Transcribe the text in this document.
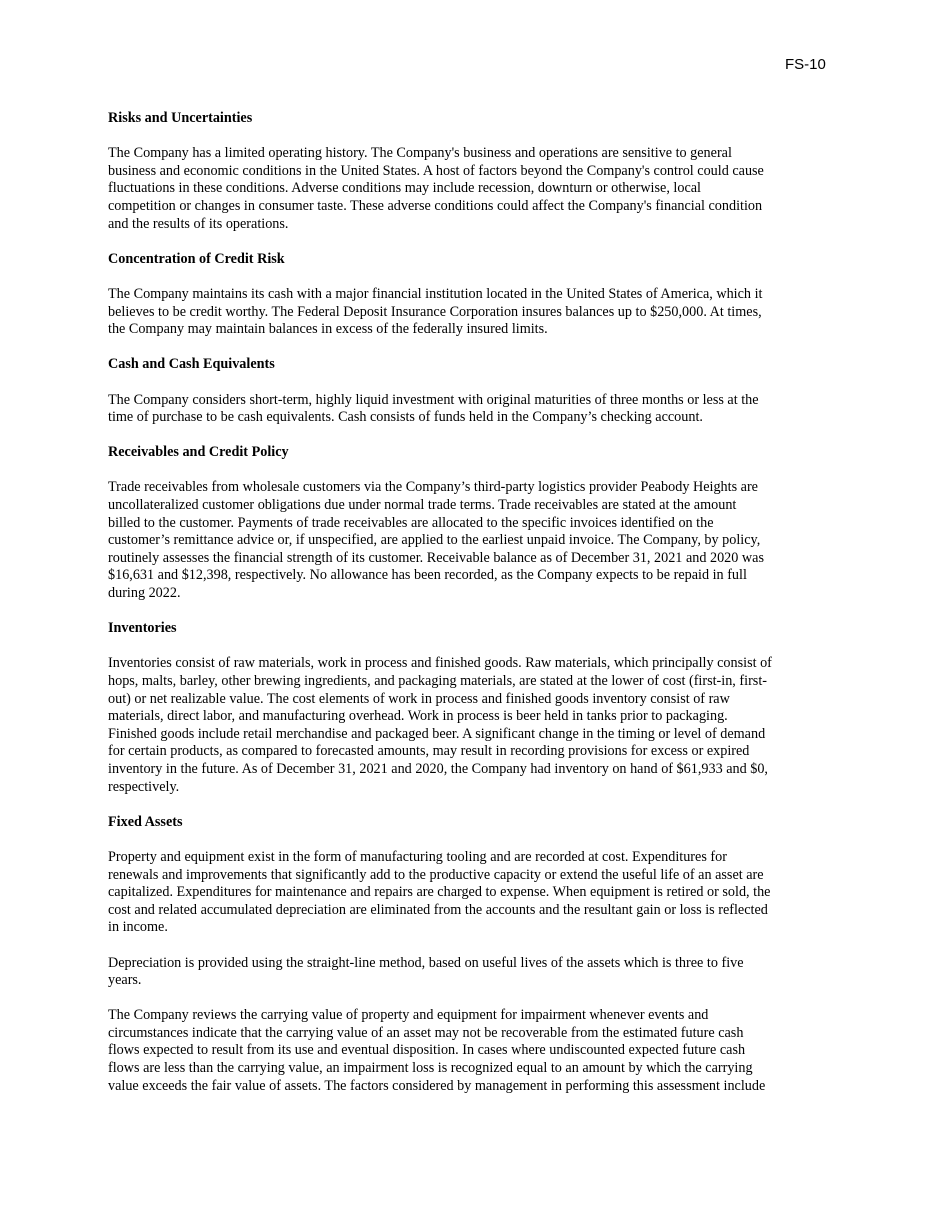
FS-10
Risks and Uncertainties

The Company has a limited operating history. The Company's business and operations are sensitive to general
business and economic conditions in the United States. A host of factors beyond the Company's control could cause
fluctuations in these conditions. Adverse conditions may include recession, downturn or otherwise, local
competition or changes in consumer taste. These adverse conditions could affect the Company's financial condition
and the results of its operations.

Concentration of Credit Risk

The Company maintains its cash with a major financial institution located in the United States of America, which it
believes to be credit worthy. The Federal Deposit Insurance Corporation insures balances up to $250,000. At times,
the Company may maintain balances in excess of the federally insured limits.

Cash and Cash Equivalents

The Company considers short-term, highly liquid investment with original maturities of three months or less at the
time of purchase to be cash equivalents. Cash consists of funds held in the Company’s checking account.

Receivables and Credit Policy

Trade receivables from wholesale customers via the Company’s third-party logistics provider Peabody Heights are
uncollateralized customer obligations due under normal trade terms. Trade receivables are stated at the amount
billed to the customer. Payments of trade receivables are allocated to the specific invoices identified on the
customer’s remittance advice or, if unspecified, are applied to the earliest unpaid invoice. The Company, by policy,
routinely assesses the financial strength of its customer. Receivable balance as of December 31, 2021 and 2020 was
$16,631 and $12,398, respectively. No allowance has been recorded, as the Company expects to be repaid in full
during 2022.

Inventories

Inventories consist of raw materials, work in process and finished goods. Raw materials, which principally consist of
hops, malts, barley, other brewing ingredients, and packaging materials, are stated at the lower of cost (first-in, first-
out) or net realizable value. The cost elements of work in process and finished goods inventory consist of raw
materials, direct labor, and manufacturing overhead. Work in process is beer held in tanks prior to packaging.
Finished goods include retail merchandise and packaged beer. A significant change in the timing or level of demand
for certain products, as compared to forecasted amounts, may result in recording provisions for excess or expired
inventory in the future. As of December 31, 2021 and 2020, the Company had inventory on hand of $61,933 and $0,
respectively.

Fixed Assets

Property and equipment exist in the form of manufacturing tooling and are recorded at cost. Expenditures for
renewals and improvements that significantly add to the productive capacity or extend the useful life of an asset are
capitalized. Expenditures for maintenance and repairs are charged to expense. When equipment is retired or sold, the
cost and related accumulated depreciation are eliminated from the accounts and the resultant gain or loss is reflected
in income.

Depreciation is provided using the straight-line method, based on useful lives of the assets which is three to five
years.

The Company reviews the carrying value of property and equipment for impairment whenever events and
circumstances indicate that the carrying value of an asset may not be recoverable from the estimated future cash
flows expected to result from its use and eventual disposition. In cases where undiscounted expected future cash
flows are less than the carrying value, an impairment loss is recognized equal to an amount by which the carrying
value exceeds the fair value of assets. The factors considered by management in performing this assessment include
